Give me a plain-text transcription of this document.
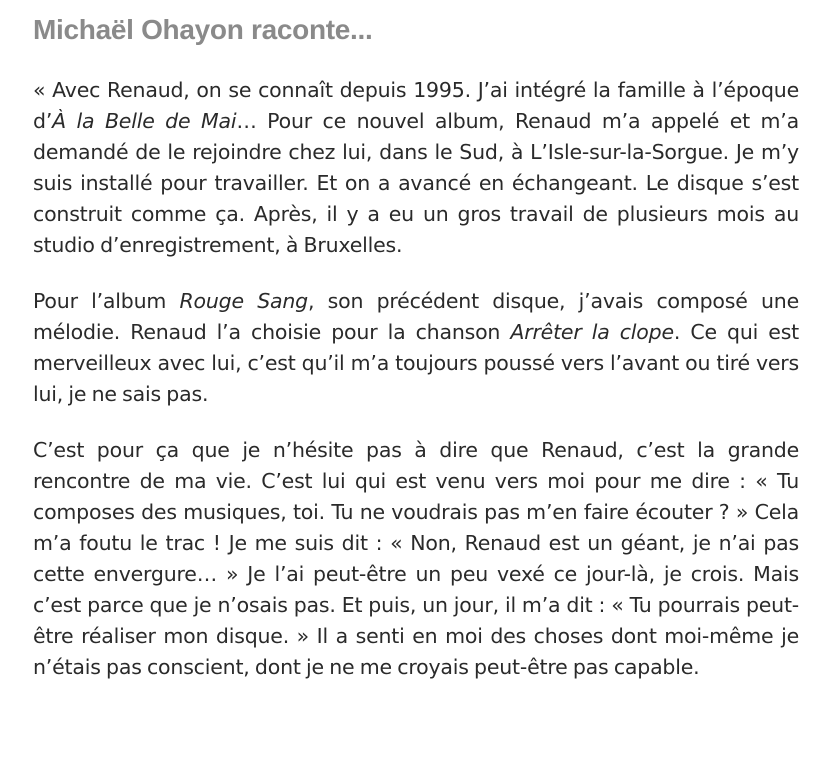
Michaël Ohayon raconte...

« Avec Renaud, on se connaît depuis 1995. J’ai intégré la famille à l’époque d’À la Belle de Mai… Pour ce nouvel album, Renaud m’a appelé et m’a demandé de le rejoindre chez lui, dans le Sud, à L’Isle-sur-la-Sorgue. Je m’y suis installé pour travailler. Et on a avancé en échangeant. Le disque s’est construit comme ça. Après, il y a eu un gros travail de plusieurs mois au studio d’enregistrement, à Bruxelles.

Pour l’album Rouge Sang, son précédent disque, j’avais composé une mélodie. Renaud l’a choisie pour la chanson Arrêter la clope. Ce qui est merveilleux avec lui, c’est qu’il m’a toujours poussé vers l’avant ou tiré vers lui, je ne sais pas.

C’est pour ça que je n’hésite pas à dire que Renaud, c’est la grande rencontre de ma vie. C’est lui qui est venu vers moi pour me dire : « Tu composes des musiques, toi. Tu ne voudrais pas m’en faire écouter ? » Cela m’a foutu le trac ! Je me suis dit : « Non, Renaud est un géant, je n’ai pas cette envergure… » Je l’ai peut-être un peu vexé ce jour-là, je crois. Mais c’est parce que je n’osais pas. Et puis, un jour, il m’a dit : « Tu pourrais peut-être réaliser mon disque. » Il a senti en moi des choses dont moi-même je n’étais pas conscient, dont je ne me croyais peut-être pas capable.
